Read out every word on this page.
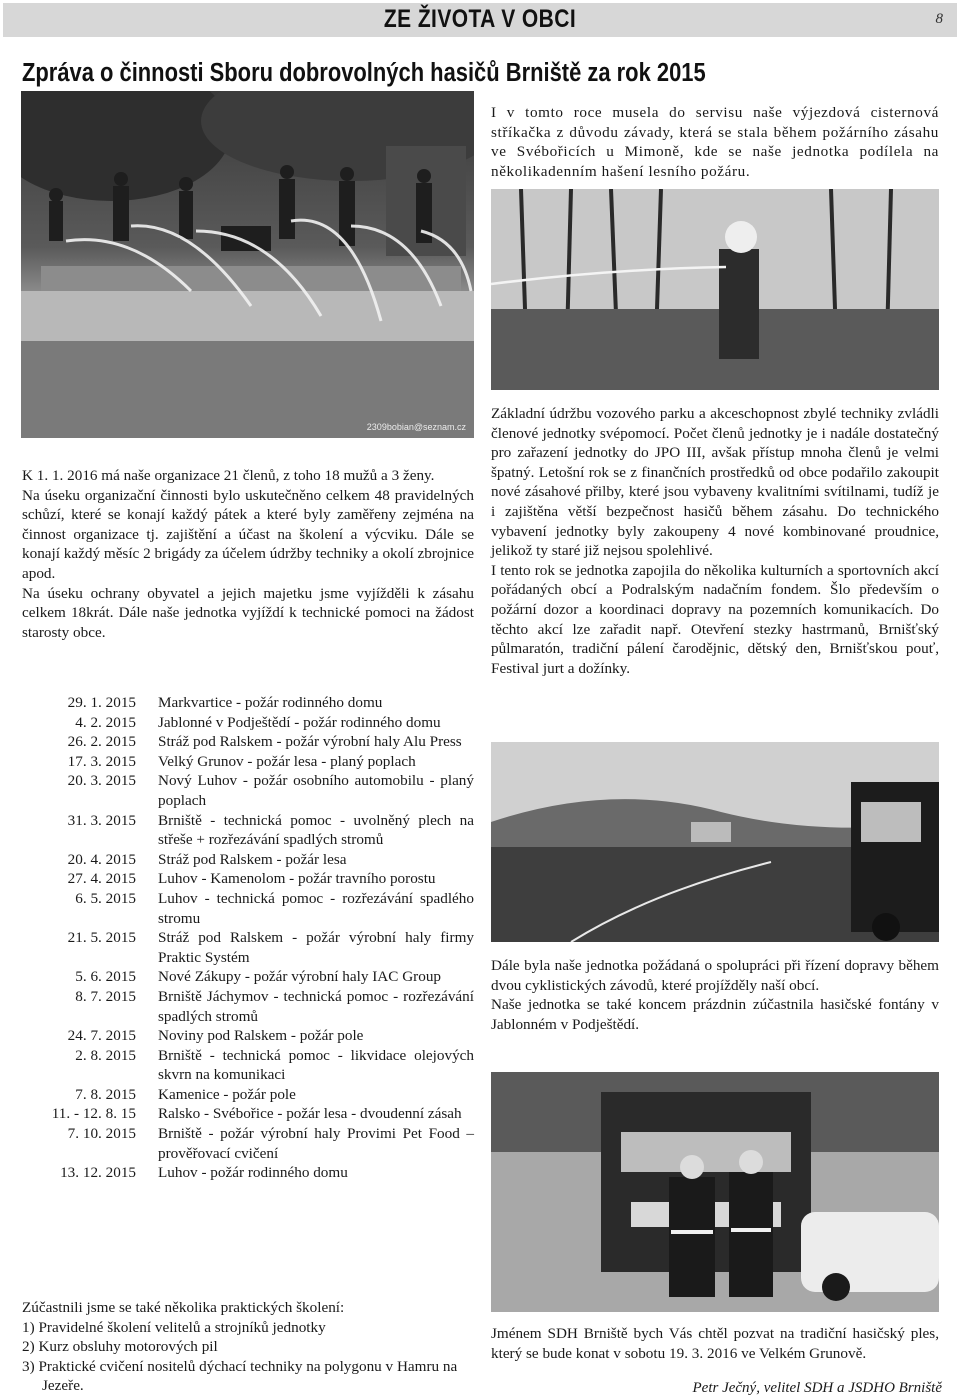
ZE ŽIVOTA V OBCI	8
Zpráva o činnosti Sboru dobrovolných hasičů Brniště za rok 2015
2309bobian@seznam.cz

I v tomto roce musela do servisu naše výjezdová cisternová stříkačka z důvodu závady, která se stala během požárního zásahu ve Svébořicích u Mimoně, kde se naše jednotka podílela na několikadenním hašení lesního požáru.

K 1. 1. 2016 má naše organizace 21 členů, z toho 18 mužů a 3 ženy.

Na úseku organizační činnosti bylo uskutečněno celkem 48 pravidelných schůzí, které se konají každý pátek a které byly zaměřeny zejména na činnost organizace tj. zajištění a účast na školení a výcviku. Dále se konají každý měsíc 2 brigády za účelem údržby techniky a okolí zbrojnice apod.

Na úseku ochrany obyvatel a jejich majetku jsme vyjížděli k zásahu celkem 18krát. Dále naše jednotka vyjíždí k technické pomoci na žádost starosty obce.

29. 1. 2015	Markvartice - požár rodinného domu
4. 2. 2015	Jablonné v Podještědí - požár rodinného domu
26. 2. 2015	Stráž pod Ralskem - požár výrobní haly Alu Press
17. 3. 2015	Velký Grunov - požár lesa - planý poplach
20. 3. 2015	Nový Luhov - požár osobního automobilu - planý poplach
31. 3. 2015	Brniště - technická pomoc - uvolněný plech na střeše + rozřezávání spadlých stromů
20. 4. 2015	Stráž pod Ralskem - požár lesa
27. 4. 2015	Luhov - Kamenolom - požár travního porostu
6. 5. 2015	Luhov - technická pomoc - rozřezávání spadlého stromu
21. 5. 2015	Stráž pod Ralskem - požár výrobní haly firmy Praktic Systém
5. 6. 2015	Nové Zákupy - požár výrobní haly IAC Group
8. 7. 2015	Brniště Jáchymov - technická pomoc - rozřezávání spadlých stromů
24. 7. 2015	Noviny pod Ralskem - požár pole
2. 8. 2015	Brniště - technická pomoc - likvidace olejových skvrn na komunikaci
7. 8. 2015	Kamenice - požár pole
11. - 12. 8. 15	Ralsko - Svébořice - požár lesa - dvoudenní zásah
7. 10. 2015	Brniště - požár výrobní haly Provimi Pet Food – prověřovací cvičení
13. 12. 2015	Luhov - požár rodinného domu

Zúčastnili jsme se také několika praktických školení:

1) Pravidelné školení velitelů a strojníků jednotky
2) Kurz obsluhy motorových pil
3) Praktické cvičení nositelů dýchací techniky na polygonu v Hamru na Jezeře.

Základní údržbu vozového parku a akceschopnost zbylé techniky zvládli členové jednotky svépomocí. Počet členů jednotky je i nadále dostatečný pro zařazení jednotky do JPO III, avšak přístup mnoha členů je velmi špatný. Letošní rok se z finančních prostředků od obce podařilo zakoupit nové zásahové přilby, které jsou vybaveny kvalitními svítilnami, tudíž je i zajištěna větší bezpečnost hasičů během zásahu. Do technického vybavení jednotky byly zakoupeny 4 nové kombinované proudnice, jelikož ty staré již nejsou spolehlivé.

I tento rok se jednotka zapojila do několika kulturních a sportovních akcí pořádaných obcí a Podralským nadačním fondem. Šlo především o požární dozor a koordinaci dopravy na pozemních komunikacích. Do těchto akcí lze zařadit např. Otevření stezky hastrmanů, Brnišťský půlmaratón, tradiční pálení čarodějnic, dětský den, Brnišťskou pouť, Festival jurt a dožínky.

Dále byla naše jednotka požádaná o spolupráci při řízení dopravy během dvou cyklistických závodů, které projížděly naší obcí.

Naše jednotka se také koncem prázdnin zúčastnila hasičské fontány v Jablonném v Podještědí.

Jménem SDH Brniště bych Vás chtěl pozvat na tradiční hasičský ples, který se bude konat v sobotu 19. 3. 2016 ve Velkém Grunově.

Petr Ječný, velitel SDH a JSDHO Brniště
